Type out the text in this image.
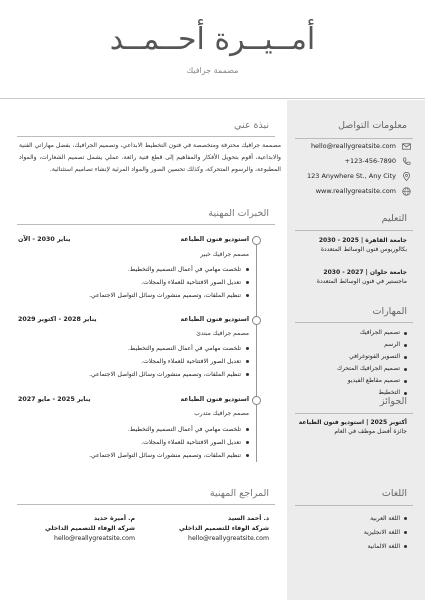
أمــيــرة أحــمــد
مصممة جرافيك
معلومات التواصل
hello@reallygreatsite.com
+123-456-7890
123 Anywhere St., Any City
www.reallygreatsite.com
التعليم
جامعة القاهرة | 2025 - 2030
بكالوريوس فنون الوسائط المتعددة
جامعة حلوان | 2027 - 2030
ماجستير في فنون الوسائط المتعددة
المهارات
تصميم الجرافيك
الرسم
التصوير الفوتوغرافي
تصميم الجرافيك المتحرك
تصميم مقاطع الفيديو
التخطيط
الجوائز
أكتوبر 2025 | استوديو فنون الطباعة
جائزة أفضل موظف في العام
اللغات
اللغة العربية
اللغة الانجليزية
اللغة الالمانية
نبذة عني
مصممة جرافيك محترفة ومتخصصة في فنون التخطيط الابداعي، وتصميم الجرافيك، بفضل مهاراتي الفنية والابداعية، أقوم بتحويل الأفكار والمفاهيم إلى قطع فنية رائعة، عملي يشمل تصميم الشعارات، والمواد المطبوعة، والرسوم المتحركة، وكذلك تحسين الصور والمواد المرئية لإنشاء تصاميم استثنائية.
الخبرات المهنية
استوديو فنون الطباعة
يناير 2030 - الآن
مصمم جرافيك خبير
تلخصت مهامي في أعمال التصميم والتخطيط.
تعديل الصور الافتتاحية للعملاء والمجلات.
تنظيم الملفات، وتصميم منشورات وسائل التواصل الاجتماعي.
استوديو فنون الطباعة
يناير 2028 - اكتوبر 2029
مصمم جرافيك مبتدئ
تلخصت مهامي في أعمال التصميم والتخطيط.
تعديل الصور الافتتاحية للعملاء والمجلات.
تنظيم الملفات، وتصميم منشورات وسائل التواصل الاجتماعي.
استوديو فنون الطباعة
يناير 2025 - مايو 2027
مصمم جرافيك متدرب
تلخصت مهامي في أعمال التصميم والتخطيط.
تعديل الصور الافتتاحية للعملاء والمجلات.
تنظيم الملفات، وتصميم منشورات وسائل التواصل الاجتماعي.
المراجع المهنية
د. أحمد السيد
شركة الوفاء للتصميم الداخلي
hello@reallygreatsite.com
م. أميرة حديد
شركة الوفاء للتصميم الداخلي
hello@reallygreatsite.com
